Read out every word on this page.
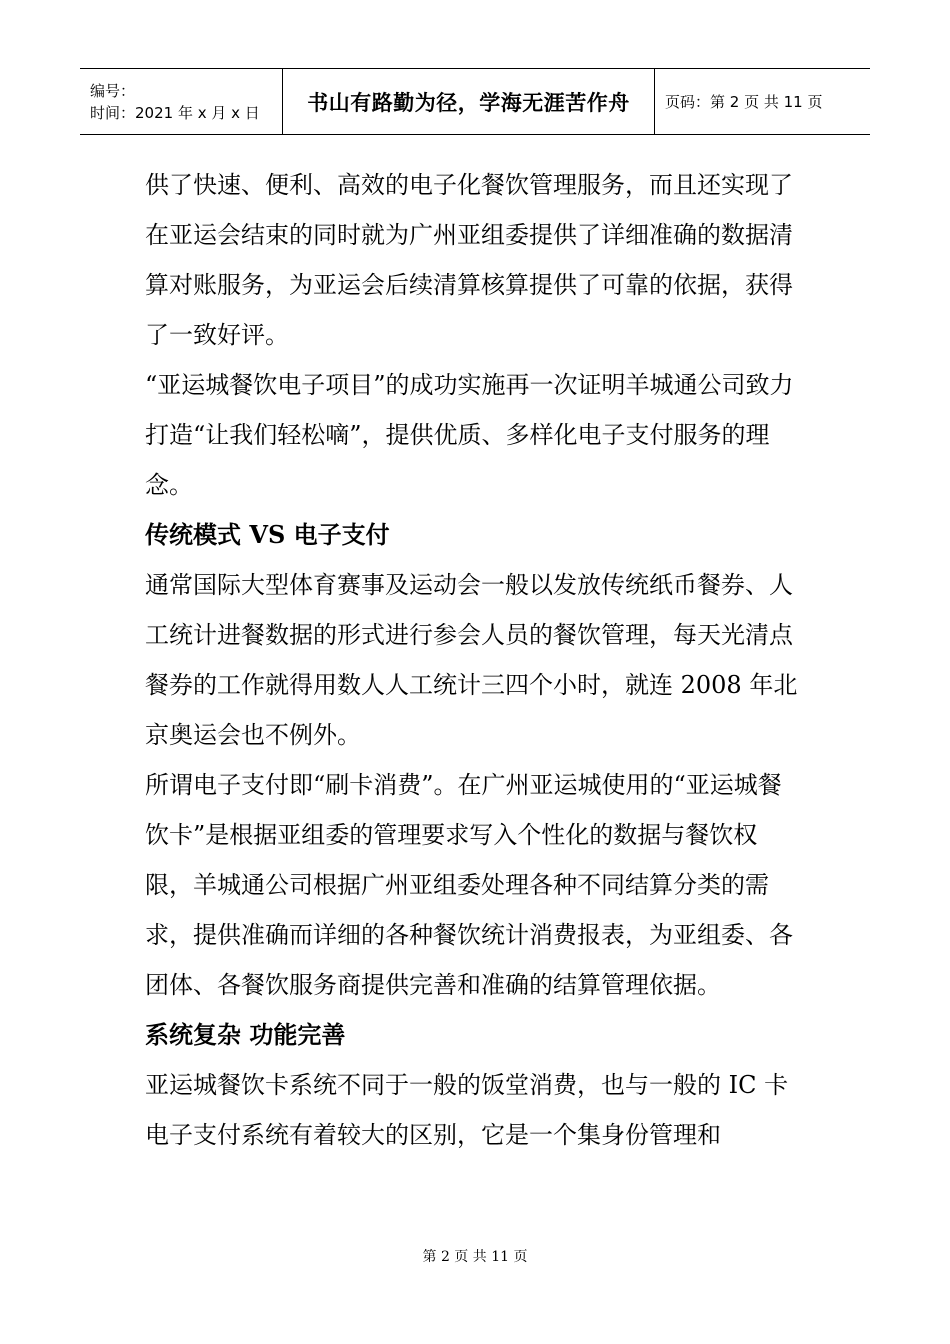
编号：
时间：2021 年 x 月 x 日	书山有路勤为径，学海无涯苦作舟	页码：第 2 页 共 11 页

供了快速、便利、高效的电子化餐饮管理服务，而且还实现了在亚运会结束的同时就为广州亚组委提供了详细准确的数据清算对账服务，为亚运会后续清算核算提供了可靠的依据，获得了一致好评。

“亚运城餐饮电子项目”的成功实施再一次证明羊城通公司致力打造“让我们轻松嘀”，提供优质、多样化电子支付服务的理念。

传统模式 VS 电子支付

通常国际大型体育赛事及运动会一般以发放传统纸币餐券、人工统计进餐数据的形式进行参会人员的餐饮管理，每天光清点餐券的工作就得用数人人工统计三四个小时，就连 2008 年北京奥运会也不例外。

所谓电子支付即“刷卡消费”。在广州亚运城使用的“亚运城餐饮卡”是根据亚组委的管理要求写入个性化的数据与餐饮权限，羊城通公司根据广州亚组委处理各种不同结算分类的需求，提供准确而详细的各种餐饮统计消费报表，为亚组委、各团体、各餐饮服务商提供完善和准确的结算管理依据。

系统复杂 功能完善

亚运城餐饮卡系统不同于一般的饭堂消费，也与一般的 IC 卡电子支付系统有着较大的区别，它是一个集身份管理和

第 2 页 共 11 页
